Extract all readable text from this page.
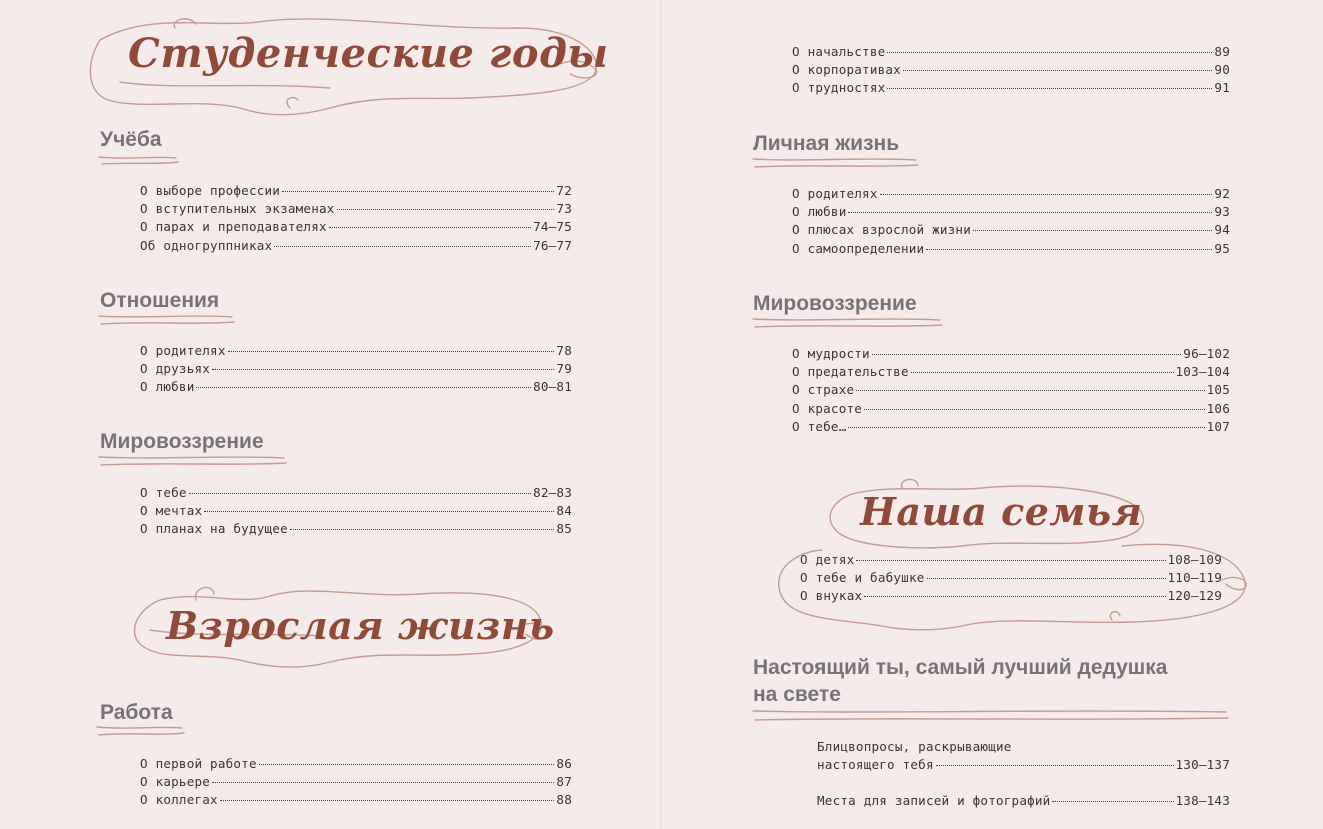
Студенческие годы
Учёба
О выборе профессии	72
О вступительных экзаменах	73
О парах и преподавателях	74–75
Об одногруппниках	76–77
Отношения
О родителях	78
О друзьях	79
О любви	80–81
Мировоззрение
О тебе	82–83
О мечтах	84
О планах на будущее	85
Взрослая жизнь
Работа
О первой работе	86
О карьере	87
О коллегах	88
О начальстве	89
О корпоративах	90
О трудностях	91
Личная жизнь
О родителях	92
О любви	93
О плюсах взрослой жизни	94
О самоопределении	95
Мировоззрение
О мудрости	96–102
О предательстве	103–104
О страхе	105
О красоте	106
О тебе…	107
Наша семья
О детях	108–109
О тебе и бабушке	110–119
О внуках	120–129
Настоящий ты, самый лучший дедушка
на свете
Блицвопросы, раскрывающие
настоящего тебя	130–137
Места для записей и фотографий	138–143
